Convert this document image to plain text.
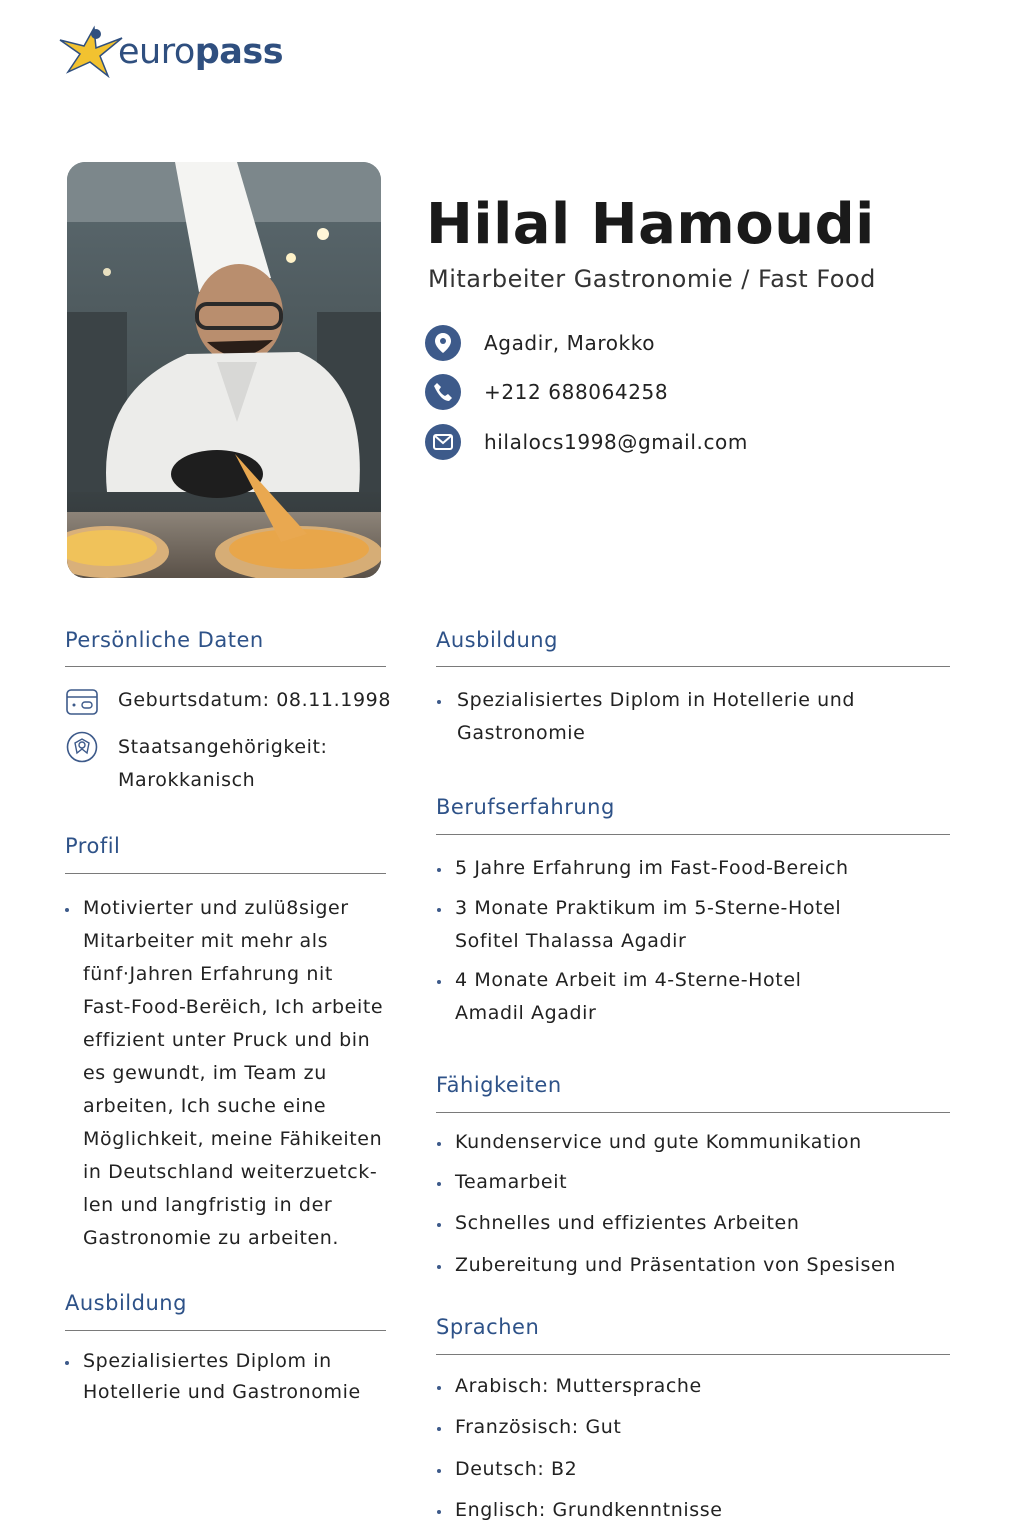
europass
Hilal Hamoudi
Mitarbeiter Gastronomie / Fast Food
Agadir, Marokko
+212 688064258
hilalocs1998@gmail.com
Persönliche Daten
Geburtsdatum: 08.11.1998
Staatsangehörigkeit:
Marokkanisch
Profil
Motivierter und zulü8siger
Mitarbeiter mit mehr als
fünf·Jahren Erfahrung nit
Fast-Food-Berëich, Ich arbeite
effizient unter Pruck und bin
es gewundt, im Team zu
arbeiten, Ich suche eine
Möglichkeit, meine Fähikeiten
in Deutschland weiterzuetck-
len und langfristig in der
Gastronomie zu arbeiten.
Ausbildung
Spezialisiertes Diplom in
Hotellerie und Gastronomie
Ausbildung
Spezialisiertes Diplom in Hotellerie und
Gastronomie
Berufserfahrung
5 Jahre Erfahrung im Fast-Food-Bereich
3 Monate Praktikum im 5-Sterne-Hotel
Sofitel Thalassa Agadir
4 Monate Arbeit im 4-Sterne-Hotel
Amadil Agadir
Fähigkeiten
Kundenservice und gute Kommunikation
Teamarbeit
Schnelles und effizientes Arbeiten
Zubereitung und Präsentation von Spesisen
Sprachen
Arabisch: Muttersprache
Französisch: Gut
Deutsch: B2
Englisch: Grundkenntnisse
